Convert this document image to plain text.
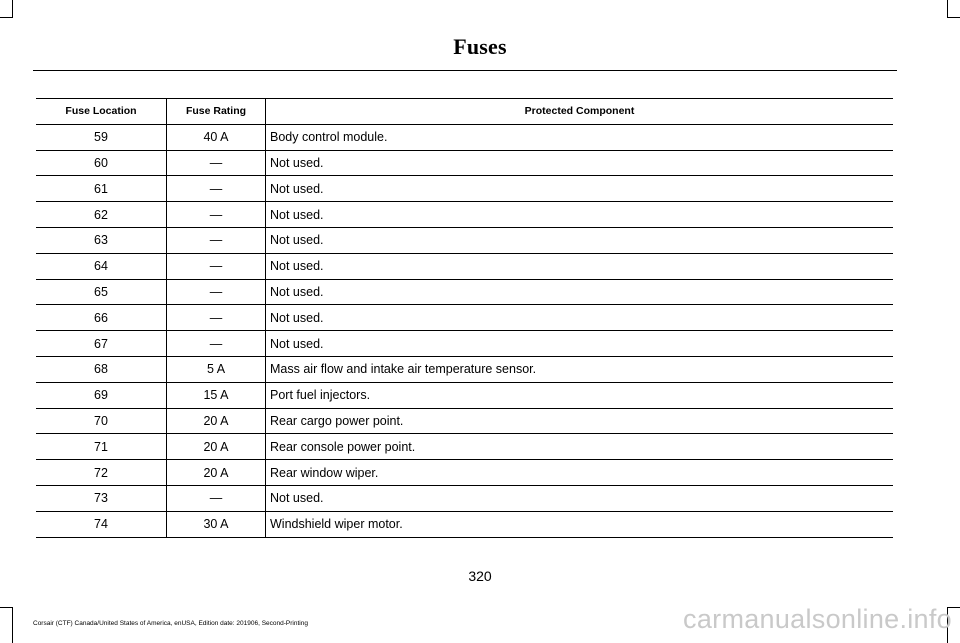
Fuses
Fuse Location	Fuse Rating	Protected Component
59	40 A	Body control module.
60	—	Not used.
61	—	Not used.
62	—	Not used.
63	—	Not used.
64	—	Not used.
65	—	Not used.
66	—	Not used.
67	—	Not used.
68	5 A	Mass air flow and intake air temperature sensor.
69	15 A	Port fuel injectors.
70	20 A	Rear cargo power point.
71	20 A	Rear console power point.
72	20 A	Rear window wiper.
73	—	Not used.
74	30 A	Windshield wiper motor.
320
Corsair (CTF) Canada/United States of America, enUSA, Edition date: 201906, Second-Printing	carmanualsonline.info
